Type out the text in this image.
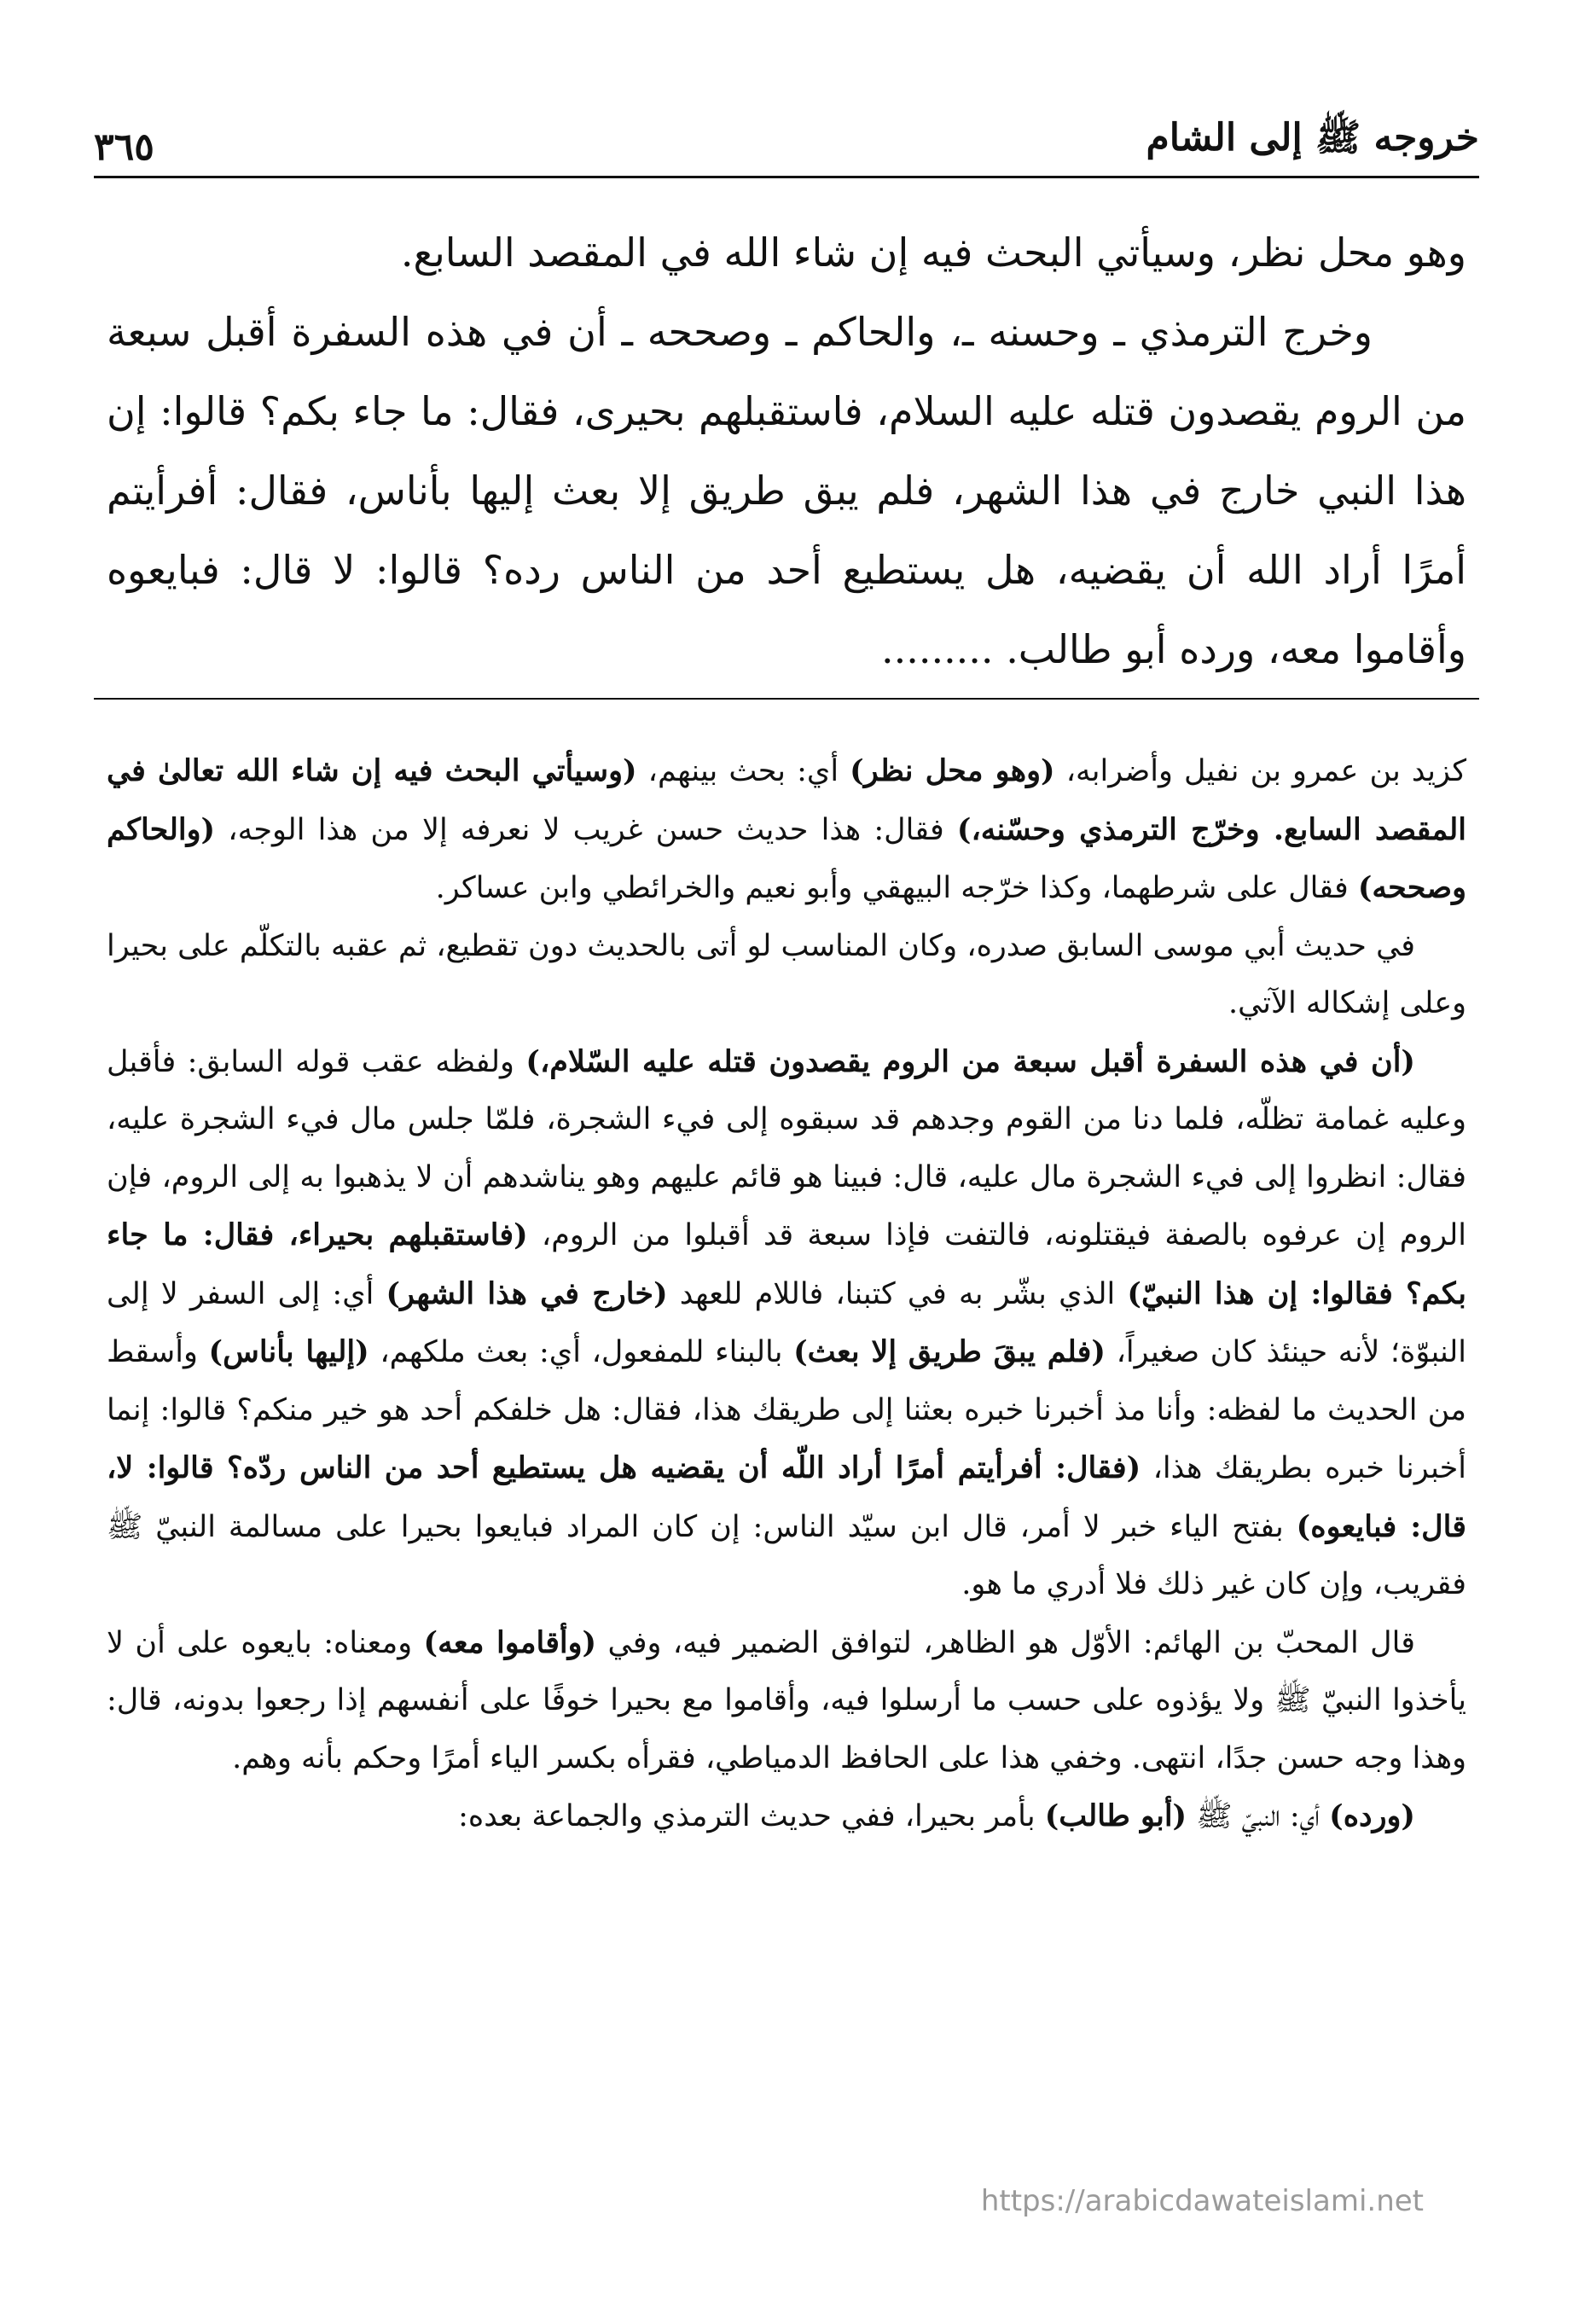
خروجه ﷺ إلى الشام
٣٦٥

وهو محل نظر، وسيأتي البحث فيه إن شاء الله في المقصد السابع.

وخرج الترمذي ـ وحسنه ـ، والحاكم ـ وصححه ـ أن في هذه السفرة أقبل سبعة من الروم يقصدون قتله عليه السلام، فاستقبلهم بحيرى، فقال: ما جاء بكم؟ قالوا: إن هذا النبي خارج في هذا الشهر، فلم يبق طريق إلا بعث إليها بأناس، فقال: أفرأيتم أمرًا أراد الله أن يقضيه، هل يستطيع أحد من الناس رده؟ قالوا: لا قال: فبايعوه وأقاموا معه، ورده أبو طالب. .........

كزيد بن عمرو بن نفيل وأضرابه، (وهو محل نظر) أي: بحث بينهم، (وسيأتي البحث فيه إن شاء الله تعالىٰ في المقصد السابع. وخرّج الترمذي وحسّنه،) فقال: هذا حديث حسن غريب لا نعرفه إلا من هذا الوجه، (والحاكم وصححه) فقال على شرطهما، وكذا خرّجه البيهقي وأبو نعيم والخرائطي وابن عساكر.

في حديث أبي موسى السابق صدره، وكان المناسب لو أتى بالحديث دون تقطيع، ثم عقبه بالتكلّم على بحيرا وعلى إشكاله الآتي.

(أن في هذه السفرة أقبل سبعة من الروم يقصدون قتله عليه السّلام،) ولفظه عقب قوله السابق: فأقبل وعليه غمامة تظلّه، فلما دنا من القوم وجدهم قد سبقوه إلى فيء الشجرة، فلمّا جلس مال فيء الشجرة عليه، فقال: انظروا إلى فيء الشجرة مال عليه، قال: فبينا هو قائم عليهم وهو يناشدهم أن لا يذهبوا به إلى الروم، فإن الروم إن عرفوه بالصفة فيقتلونه، فالتفت فإذا سبعة قد أقبلوا من الروم، (فاستقبلهم بحيراء، فقال: ما جاء بكم؟ فقالوا: إن هذا النبيّ) الذي بشّر به في كتبنا، فاللام للعهد (خارج في هذا الشهر) أي: إلى السفر لا إلى النبوّة؛ لأنه حينئذ كان صغيراً، (فلم يبقَ طريق إلا بعث) بالبناء للمفعول، أي: بعث ملكهم، (إليها بأناس) وأسقط من الحديث ما لفظه: وأنا مذ أخبرنا خبره بعثنا إلى طريقك هذا، فقال: هل خلفكم أحد هو خير منكم؟ قالوا: إنما أخبرنا خبره بطريقك هذا، (فقال: أفرأيتم أمرًا أراد اللّه أن يقضيه هل يستطيع أحد من الناس ردّه؟ قالوا: لا، قال: فبايعوه) بفتح الياء خبر لا أمر، قال ابن سيّد الناس: إن كان المراد فبايعوا بحيرا على مسالمة النبيّ ﷺ فقريب، وإن كان غير ذلك فلا أدري ما هو.

قال المحبّ بن الهائم: الأوّل هو الظاهر، لتوافق الضمير فيه، وفي (وأقاموا معه) ومعناه: بايعوه على أن لا يأخذوا النبيّ ﷺ ولا يؤذوه على حسب ما أرسلوا فيه، وأقاموا مع بحيرا خوفًا على أنفسهم إذا رجعوا بدونه، قال: وهذا وجه حسن جدًا، انتهى. وخفي هذا على الحافظ الدمياطي، فقرأه بكسر الياء أمرًا وحكم بأنه وهم.

(ورده) أي: النبيّ ﷺ (أبو طالب) بأمر بحيرا، ففي حديث الترمذي والجماعة بعده:

https://arabicdawateislami.net
